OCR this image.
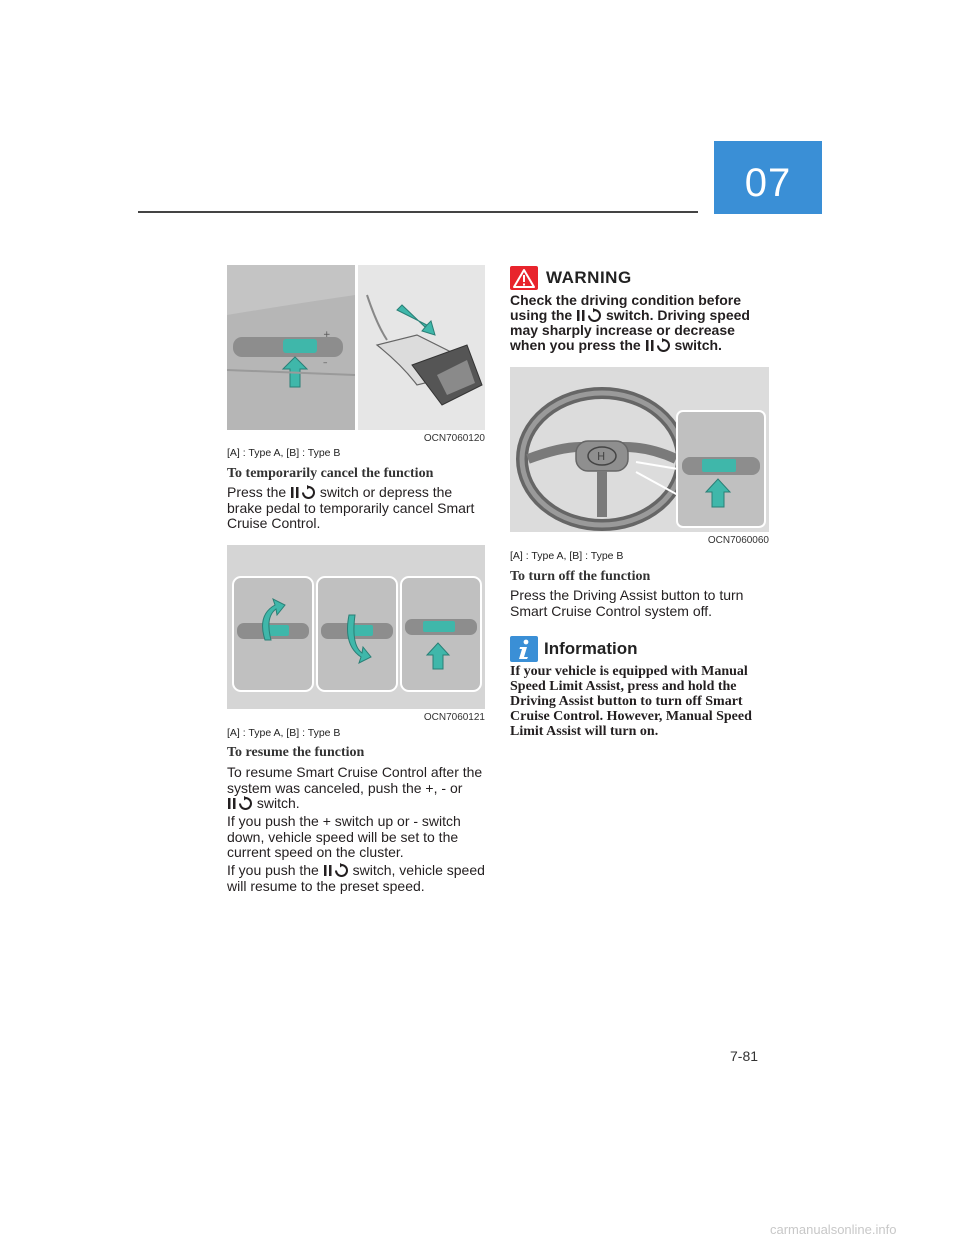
07
+
–
OCN7060120
[A] : Type A, [B] : Type B
To temporarily cancel the function
Press the switch or depress the brake pedal to temporarily cancel Smart Cruise Control.
OCN7060121
[A] : Type A, [B] : Type B
To resume the function
To resume Smart Cruise Control after the system was canceled, push the +, - or  switch.
If you push the + switch up or - switch down, vehicle speed will be set to the current speed on the cluster.
If you push the switch, vehicle speed will resume to the preset speed.
WARNING
Check the driving condition before using the switch. Driving speed may sharply increase or decrease when you press the switch.
H
OCN7060060
[A] : Type A, [B] : Type B
To turn off the function
Press the Driving Assist button to turn Smart Cruise Control system off.
Information
If your vehicle is equipped with Manual Speed Limit Assist, press and hold the Driving Assist button to turn off Smart Cruise Control. However, Manual Speed Limit Assist will turn on.
7-81
carmanualsonline.info
